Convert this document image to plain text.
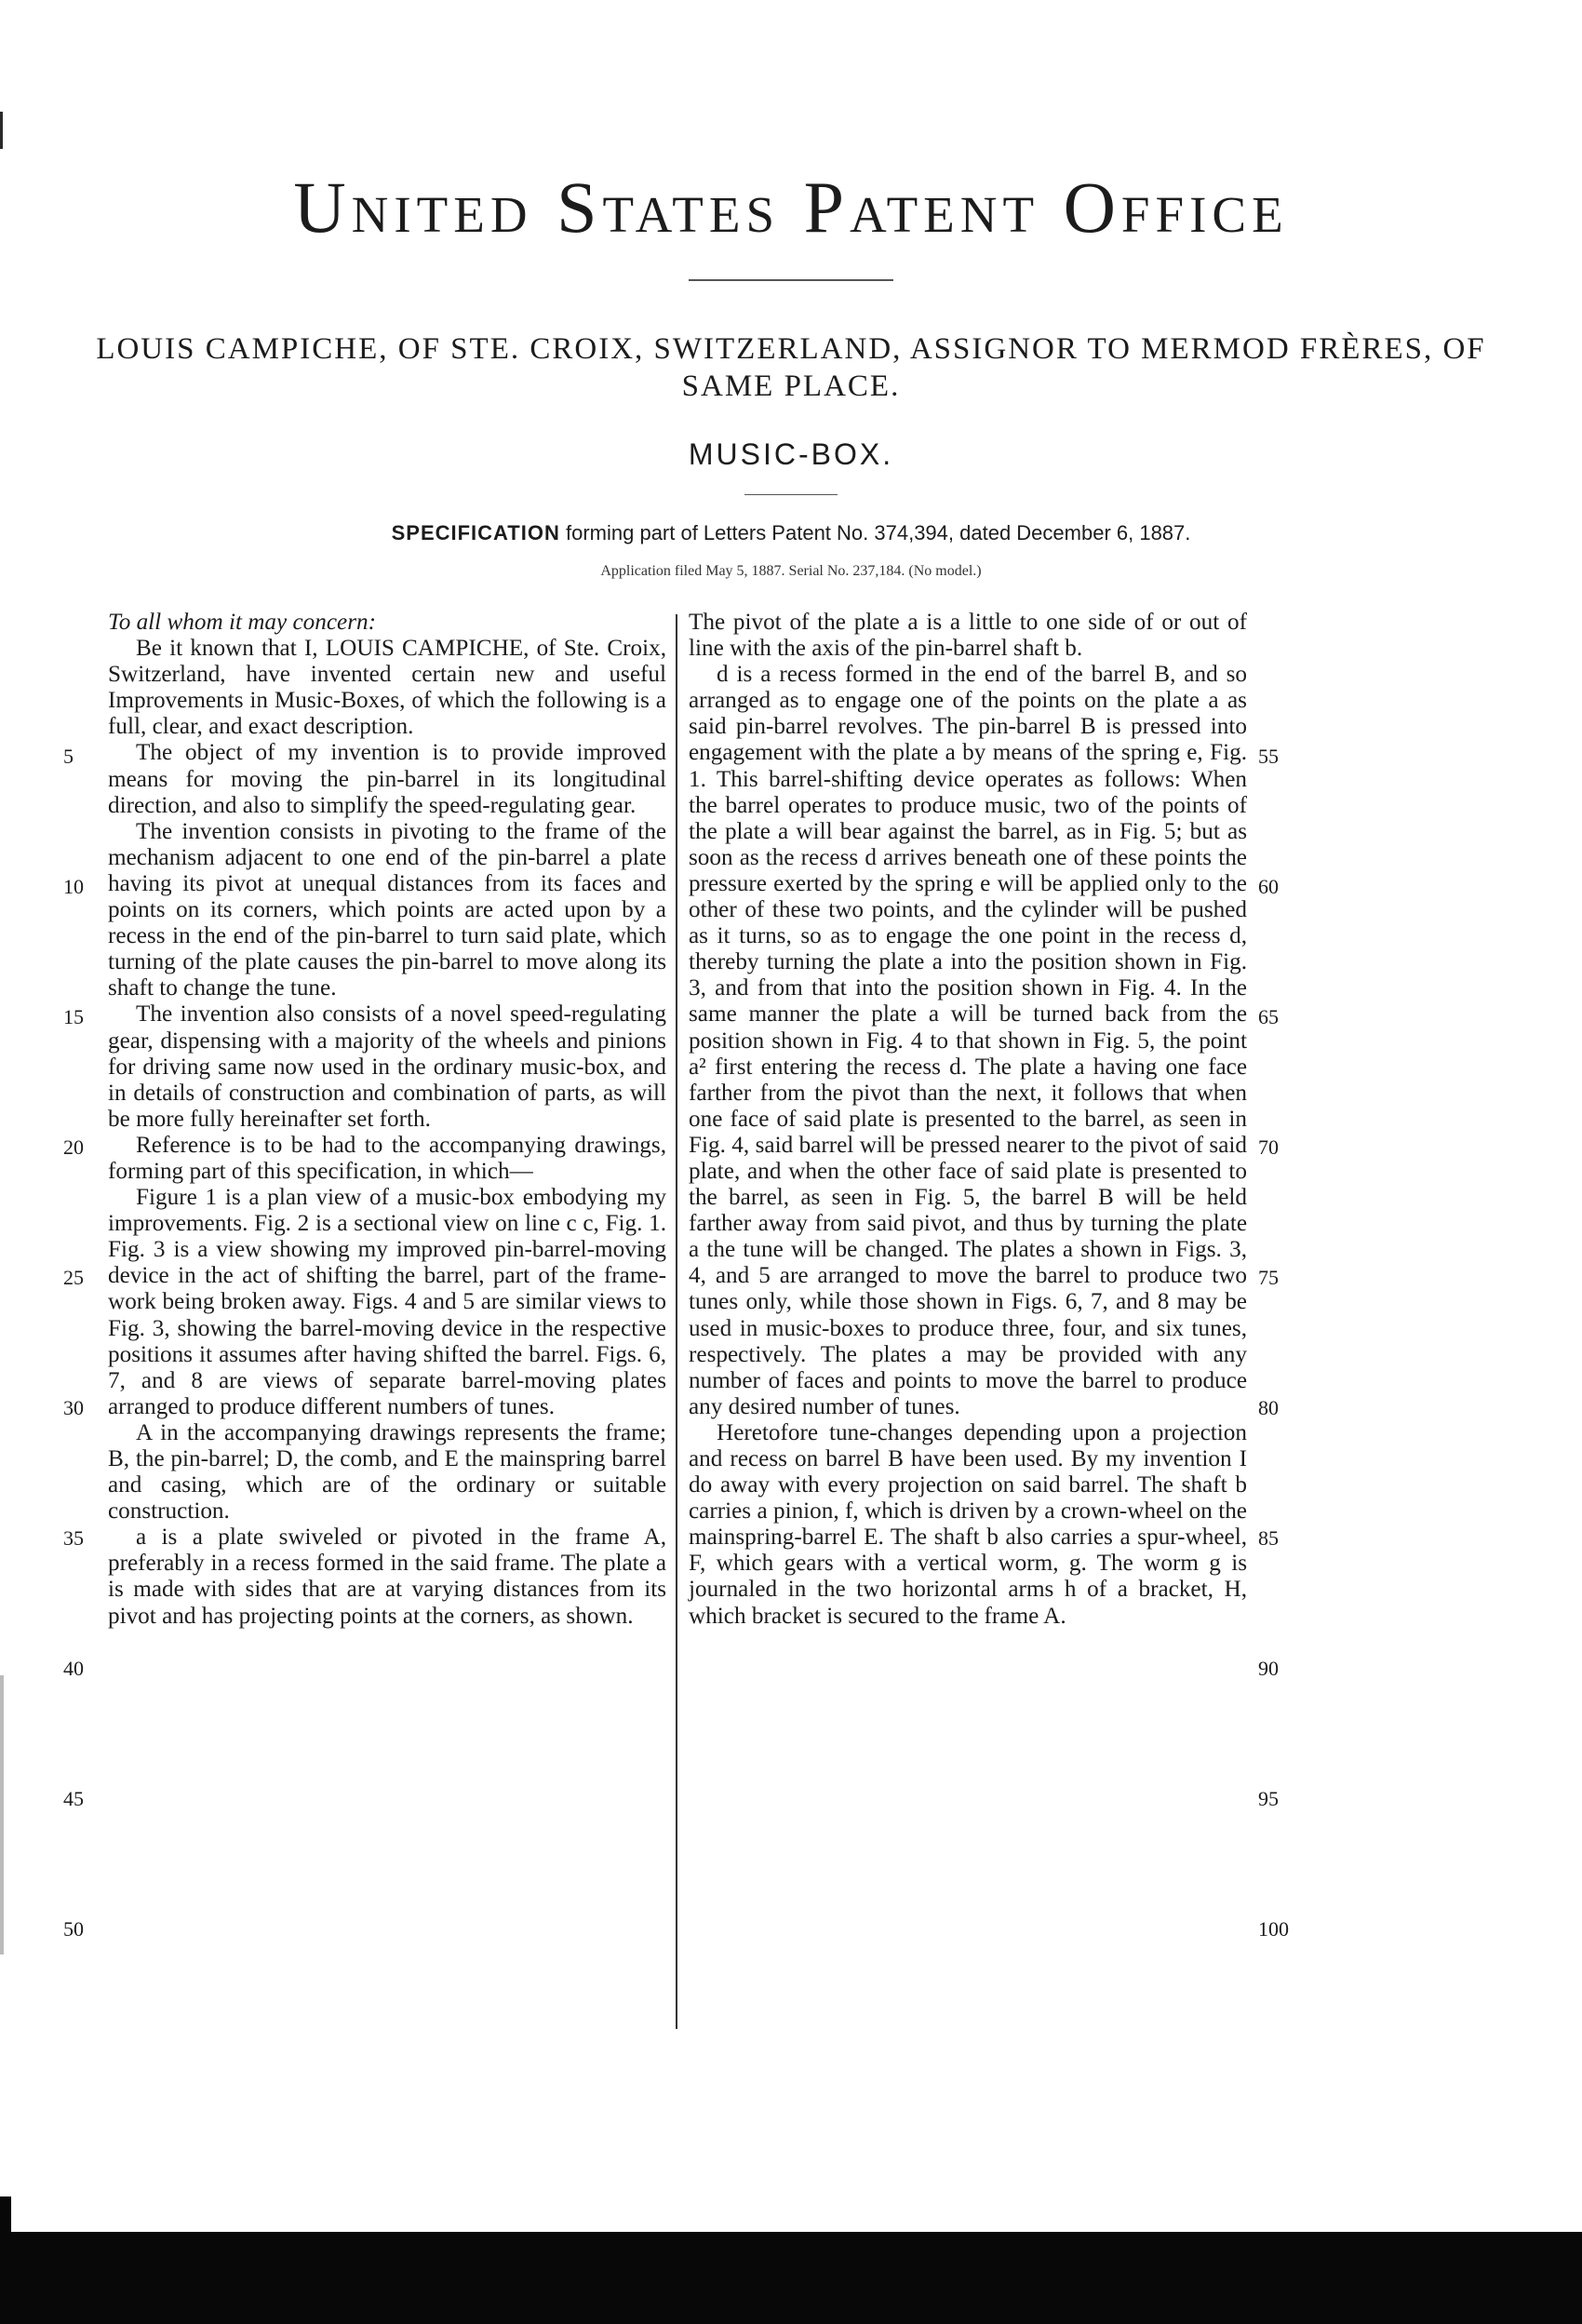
United States Patent Office

LOUIS CAMPICHE, OF STE. CROIX, SWITZERLAND, ASSIGNOR TO MERMOD FRÈRES, OF SAME PLACE.

MUSIC-BOX.

SPECIFICATION forming part of Letters Patent No. 374,394, dated December 6, 1887.

Application filed May 5, 1887. Serial No. 237,184. (No model.)

To all whom it may concern:

Be it known that I, LOUIS CAMPICHE, of Ste. Croix, Switzerland, have invented certain new and useful Improvements in Music-Boxes, of which the following is a full, clear, and exact description.

The object of my invention is to provide improved means for moving the pin-barrel in its longitudinal direction, and also to simplify the speed-regulating gear.

The invention consists in pivoting to the frame of the mechanism adjacent to one end of the pin-barrel a plate having its pivot at unequal distances from its faces and points on its corners, which points are acted upon by a recess in the end of the pin-barrel to turn said plate, which turning of the plate causes the pin-barrel to move along its shaft to change the tune.

The invention also consists of a novel speed-regulating gear, dispensing with a majority of the wheels and pinions for driving same now used in the ordinary music-box, and in details of construction and combination of parts, as will be more fully hereinafter set forth.

Reference is to be had to the accompanying drawings, forming part of this specification, in which—

Figure 1 is a plan view of a music-box embodying my improvements. Fig. 2 is a sectional view on line c c, Fig. 1. Fig. 3 is a view showing my improved pin-barrel-moving device in the act of shifting the barrel, part of the frame-work being broken away. Figs. 4 and 5 are similar views to Fig. 3, showing the barrel-moving device in the respective positions it assumes after having shifted the barrel. Figs. 6, 7, and 8 are views of separate barrel-moving plates arranged to produce different numbers of tunes.

A in the accompanying drawings represents the frame; B, the pin-barrel; D, the comb, and E the mainspring barrel and casing, which are of the ordinary or suitable construction.

a is a plate swiveled or pivoted in the frame A, preferably in a recess formed in the said frame. The plate a is made with sides that are at varying distances from its pivot and has projecting points at the corners, as shown.

The pivot of the plate a is a little to one side of or out of line with the axis of the pin-barrel shaft b.

d is a recess formed in the end of the barrel B, and so arranged as to engage one of the points on the plate a as said pin-barrel revolves. The pin-barrel B is pressed into engagement with the plate a by means of the spring e, Fig. 1. This barrel-shifting device operates as follows: When the barrel operates to produce music, two of the points of the plate a will bear against the barrel, as in Fig. 5; but as soon as the recess d arrives beneath one of these points the pressure exerted by the spring e will be applied only to the other of these two points, and the cylinder will be pushed as it turns, so as to engage the one point in the recess d, thereby turning the plate a into the position shown in Fig. 3, and from that into the position shown in Fig. 4. In the same manner the plate a will be turned back from the position shown in Fig. 4 to that shown in Fig. 5, the point a² first entering the recess d. The plate a having one face farther from the pivot than the next, it follows that when one face of said plate is presented to the barrel, as seen in Fig. 4, said barrel will be pressed nearer to the pivot of said plate, and when the other face of said plate is presented to the barrel, as seen in Fig. 5, the barrel B will be held farther away from said pivot, and thus by turning the plate a the tune will be changed. The plates a shown in Figs. 3, 4, and 5 are arranged to move the barrel to produce two tunes only, while those shown in Figs. 6, 7, and 8 may be used in music-boxes to produce three, four, and six tunes, respectively. The plates a may be provided with any number of faces and points to move the barrel to produce any desired number of tunes.

Heretofore tune-changes depending upon a projection and recess on barrel B have been used. By my invention I do away with every projection on said barrel. The shaft b carries a pinion, f, which is driven by a crown-wheel on the mainspring-barrel E. The shaft b also carries a spur-wheel, F, which gears with a vertical worm, g. The worm g is journaled in the two horizontal arms h of a bracket, H, which bracket is secured to the frame A.

5
10
15
20
25
30
35
40
45
50
55
60
65
70
75
80
85
90
95
100
